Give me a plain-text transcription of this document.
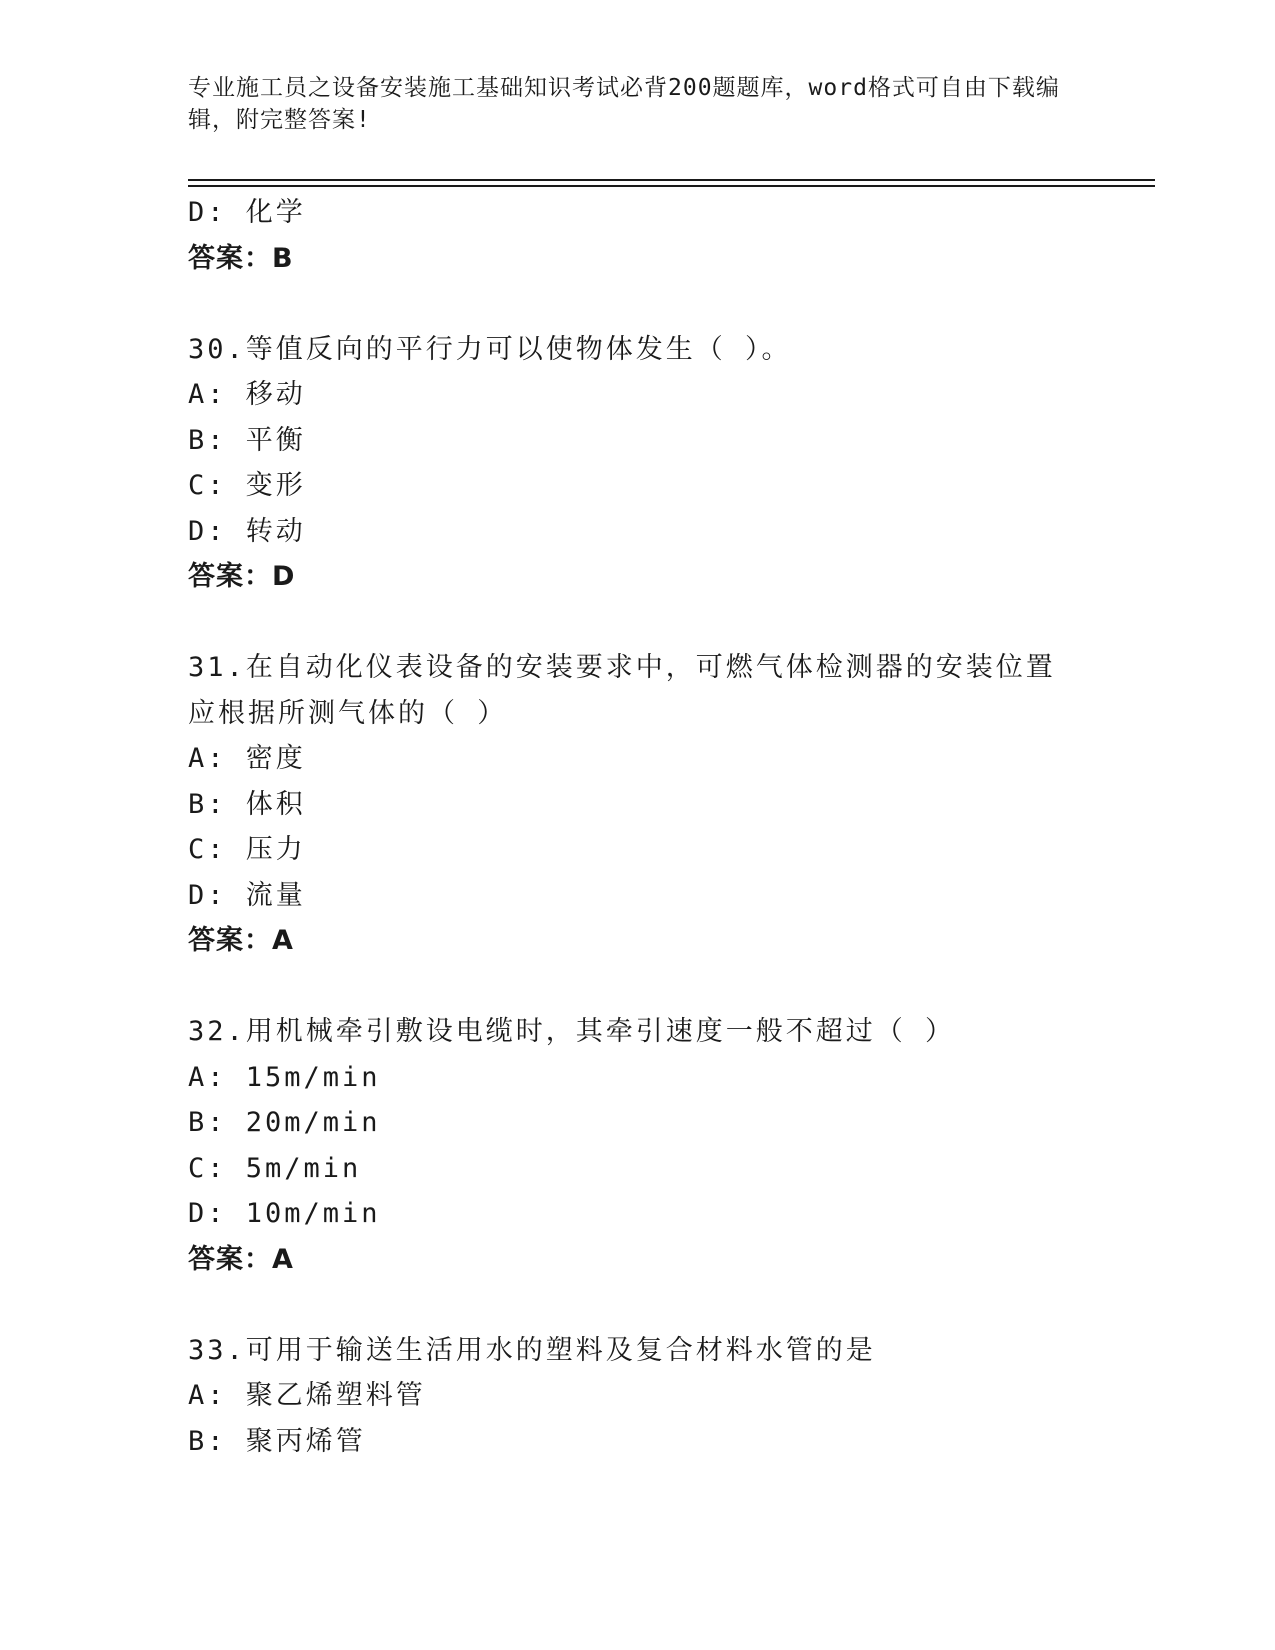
专业施工员之设备安装施工基础知识考试必背200题题库，word格式可自由下载编辑，附完整答案!
D: 化学
答案：B
30.等值反向的平行力可以使物体发生（ ）。
A: 移动
B: 平衡
C: 变形
D: 转动
答案：D
31.在自动化仪表设备的安装要求中，可燃气体检测器的安装位置应根据所测气体的（ ）
A: 密度
B: 体积
C: 压力
D: 流量
答案：A
32.用机械牵引敷设电缆时，其牵引速度一般不超过（ ）
A: 15m/min
B: 20m/min
C: 5m/min
D: 10m/min
答案：A
33.可用于输送生活用水的塑料及复合材料水管的是
A: 聚乙烯塑料管
B: 聚丙烯管
